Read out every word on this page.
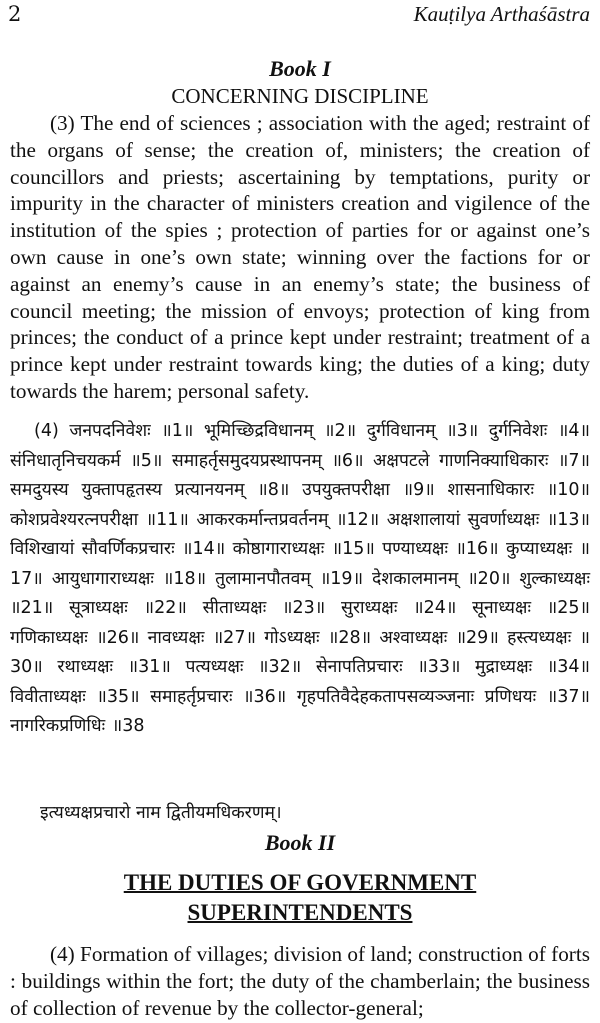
2	Kauṭilya Arthaśāstra
Book I
CONCERNING DISCIPLINE

(3) The end of sciences ; association with the aged; restraint of the organs of sense; the creation of, ministers; the creation of councillors and priests; ascertaining by temptations, purity or impurity in the character of ministers creation and vigilence of the institution of the spies ; protection of parties for or against one’s own cause in one’s own state; winning over the factions for or against an enemy’s cause in an enemy’s state; the business of council meeting; the mission of envoys; protection of king from princes; the conduct of a prince kept under restraint; treatment of a prince kept under restraint towards king; the duties of a king; duty towards the harem; personal safety.

(4) जनपदनिवेशः ॥1॥ भूमिच्छिद्रविधानम् ॥2॥ दुर्गविधानम् ॥3॥ दुर्गनिवेशः ॥4॥ संनिधातृनिचयकर्म ॥5॥ समाहर्तृसमुदयप्रस्थापनम् ॥6॥ अक्षपटले गाणनिक्याधिकारः ॥7॥ समदुयस्य युक्तापहृतस्य प्रत्यानयनम् ॥8॥ उपयुक्तपरीक्षा ॥9॥ शासनाधिकारः ॥10॥ कोशप्रवेश्यरत्नपरीक्षा ॥11॥ आकरकर्मान्तप्रवर्तनम् ॥12॥ अक्षशालायां सुवर्णाध्यक्षः ॥13॥ विशिखायां सौवर्णिकप्रचारः ॥14॥ कोष्ठागाराध्यक्षः ॥15॥ पण्याध्यक्षः ॥16॥ कुप्याध्यक्षः ॥17॥ आयुधागाराध्यक्षः ॥18॥ तुलामानपौतवम् ॥19॥ देशकालमानम् ॥20॥ शुल्काध्यक्षः ॥21॥ सूत्राध्यक्षः ॥22॥ सीताध्यक्षः ॥23॥ सुराध्यक्षः ॥24॥ सूनाध्यक्षः ॥25॥ गणिकाध्यक्षः ॥26॥ नावध्यक्षः ॥27॥ गोऽध्यक्षः ॥28॥ अश्वाध्यक्षः ॥29॥ हस्त्यध्यक्षः ॥30॥ रथाध्यक्षः ॥31॥ पत्यध्यक्षः ॥32॥ सेनापतिप्रचारः ॥33॥ मुद्राध्यक्षः ॥34॥ विवीताध्यक्षः ॥35॥ समाहर्तृप्रचारः ॥36॥ गृहपतिवैदेहकतापसव्यञ्जनाः प्रणिधयः ॥37॥ नागरिकप्रणिधिः ॥38

इत्यध्यक्षप्रचारो नाम द्वितीयमधिकरणम्।
Book II
THE DUTIES OF GOVERNMENT
SUPERINTENDENTS

(4) Formation of villages; division of land; construction of forts : buildings within the fort; the duty of the chamberlain; the business of collection of revenue by the collector-general;
